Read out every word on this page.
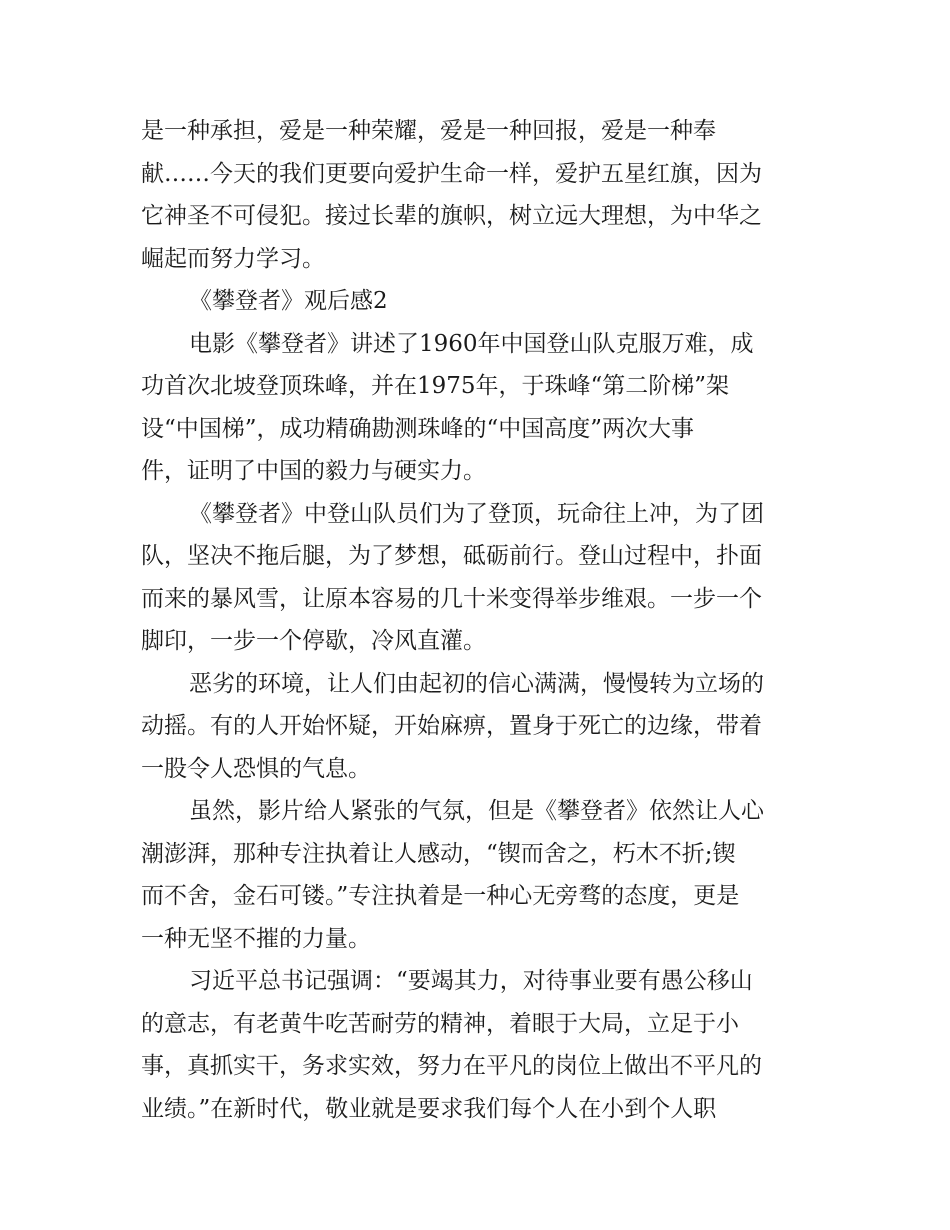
是一种承担，爱是一种荣耀，爱是一种回报，爱是一种奉
献……今天的我们更要向爱护生命一样，爱护五星红旗，因为
它神圣不可侵犯。接过长辈的旗帜，树立远大理想，为中华之
崛起而努力学习。
《攀登者》观后感2
电影《攀登者》讲述了1960年中国登山队克服万难，成
功首次北坡登顶珠峰，并在1975年，于珠峰“第二阶梯”架
设“中国梯”，成功精确勘测珠峰的“中国高度”两次大事
件，证明了中国的毅力与硬实力。
《攀登者》中登山队员们为了登顶，玩命往上冲，为了团
队，坚决不拖后腿，为了梦想，砥砺前行。登山过程中，扑面
而来的暴风雪，让原本容易的几十米变得举步维艰。一步一个
脚印，一步一个停歇，冷风直灌。
恶劣的环境，让人们由起初的信心满满，慢慢转为立场的
动摇。有的人开始怀疑，开始麻痹，置身于死亡的边缘，带着
一股令人恐惧的气息。
虽然，影片给人紧张的气氛，但是《攀登者》依然让人心
潮澎湃，那种专注执着让人感动，“锲而舍之，朽木不折;锲
而不舍，金石可镂。”专注执着是一种心无旁骛的态度，更是
一种无坚不摧的力量。
习近平总书记强调：“要竭其力，对待事业要有愚公移山
的意志，有老黄牛吃苦耐劳的精神，着眼于大局，立足于小
事，真抓实干，务求实效，努力在平凡的岗位上做出不平凡的
业绩。”在新时代，敬业就是要求我们每个人在小到个人职
